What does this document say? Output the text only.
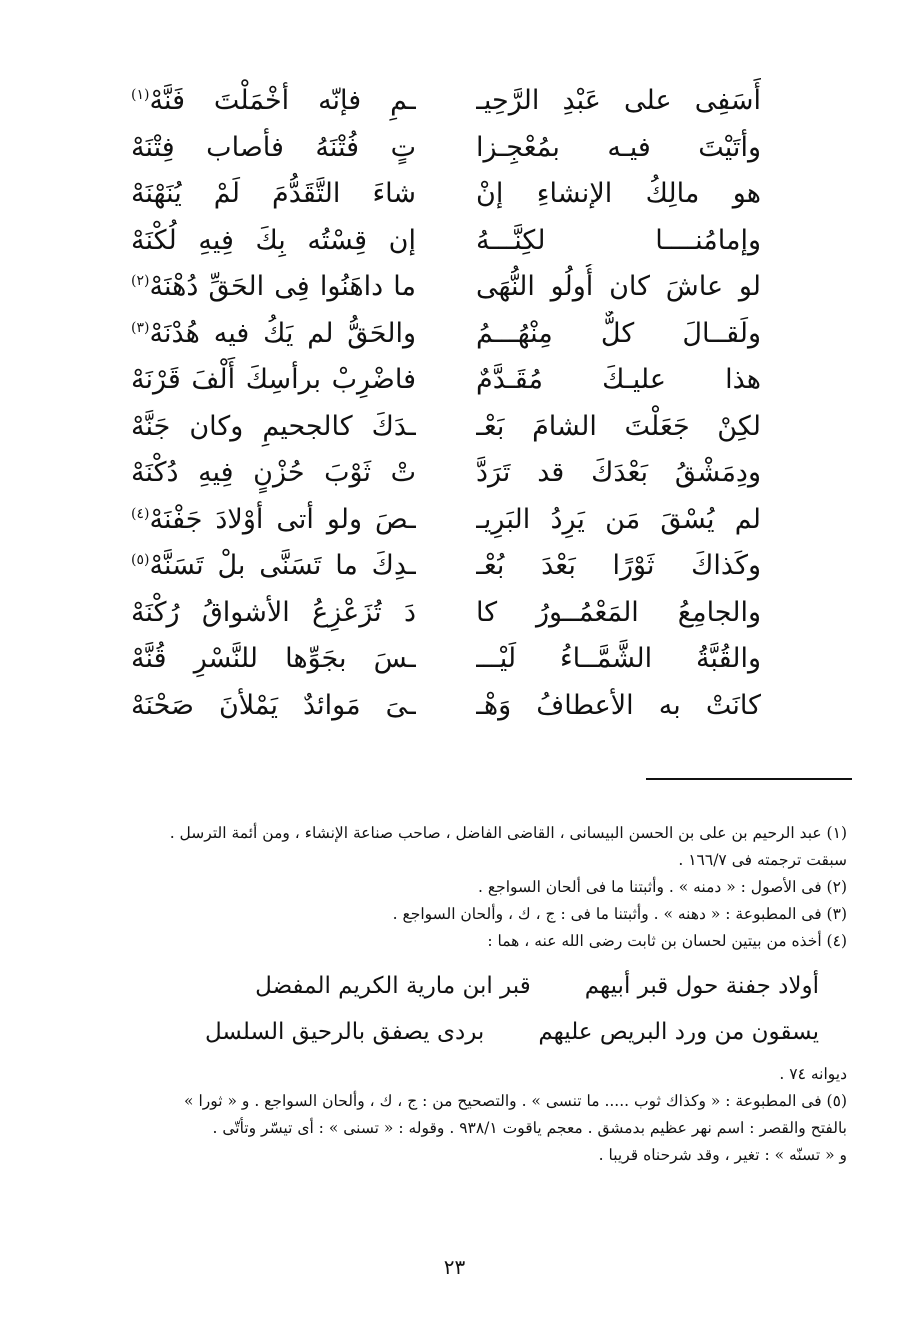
أَسَفِى على عَبْدِ الرَّحِيـ
ـمِ فإنّه أخْمَلْتَ فَنَّهْ$^{(١)}$
وأتَيْتَ فيـه بمُعْجِـزا
تٍ فُتْنَهُ فأصاب فِتْنَهْ
هو مالِكُ الإنشاءِ إنْ
شاءَ التَّقَدُّمَ لَمْ يُنَهْنَهْ
وإمامُنــــا لكِنَّـــهُ
إن قِسْتُه بِكَ فِيهِ لُكْنَهْ
لو عاشَ كان أُولُو النُّهَى
ما داهَنُوا فِى الحَقِّ دُهْنَهْ$^{(٢)}$
ولَقــالَ كلٌّ مِنْهُـــمُ
والحَقُّ لم يَكُ فيه هُدْنَهْ$^{(٣)}$
هذا عليـكَ مُقَـدَّمٌ
فاضْرِبْ برأسِكَ أَلْفَ قَرْنَهْ
لكِنْ جَعَلْتَ الشامَ بَعْـ
ـدَكَ كالجحيمِ وكان جَنَّهْ
ودِمَشْقُ بَعْدَكَ قد تَرَدَّ
تْ ثَوْبَ حُزْنٍ فِيهِ دُكْنَهْ
لم يُسْقَ مَن يَرِدُ البَرِيـ
ـصَ ولو أتى أوْلادَ جَفْنَهْ$^{(٤)}$
وكَذاكَ ثَوْرًا بَعْدَ بُعْـ
ـدِكَ ما تَسَنَّى بلْ تَسَنَّهْ$^{(٥)}$
والجامِعُ المَعْمُــورُ كا
دَ تُزَعْزِعُ الأشواقُ رُكْنَهْ
والقُبَّةُ الشَّمَّــاءُ لَيْـــ
ـسَ بجَوِّها للنَّسْرِ قُنَّهْ
كانَتْ به الأعطافُ وَهْـ
ـىَ مَوائدٌ يَمْلأنَ صَحْنَهْ

(١) عبد الرحيم بن على بن الحسن البيسانى ، القاضى الفاضل ، صاحب صناعة الإنشاء ، ومن أئمة الترسل .

سبقت ترجمته فى ١٦٦/٧ .

(٢) فى الأصول : « دمنه » . وأثبتنا ما فى ألحان السواجع .

(٣) فى المطبوعة : « دهنه » . وأثبتنا ما فى : ج ، ك ، وألحان السواجع .

(٤) أخذه من بيتين لحسان بن ثابت رضى الله عنه ، هما :

أولاد جفنة حول قبر أبيهم
قبر ابن مارية الكريم المفضل
يسقون من ورد البريص عليهم
بردى يصفق بالرحيق السلسل

ديوانه ٧٤ .

(٥) فى المطبوعة : « وكذاك ثوب ..... ما تنسى » . والتصحيح من : ج ، ك ، وألحان السواجع . و « ثورا »

بالفتح والقصر : اسم نهر عظيم بدمشق . معجم ياقوت ٩٣٨/١ . وقوله : « تسنى » : أى تيسّر وتأتّى .

و « تسنّه » : تغير ، وقد شرحناه قريبا .

٢٣
